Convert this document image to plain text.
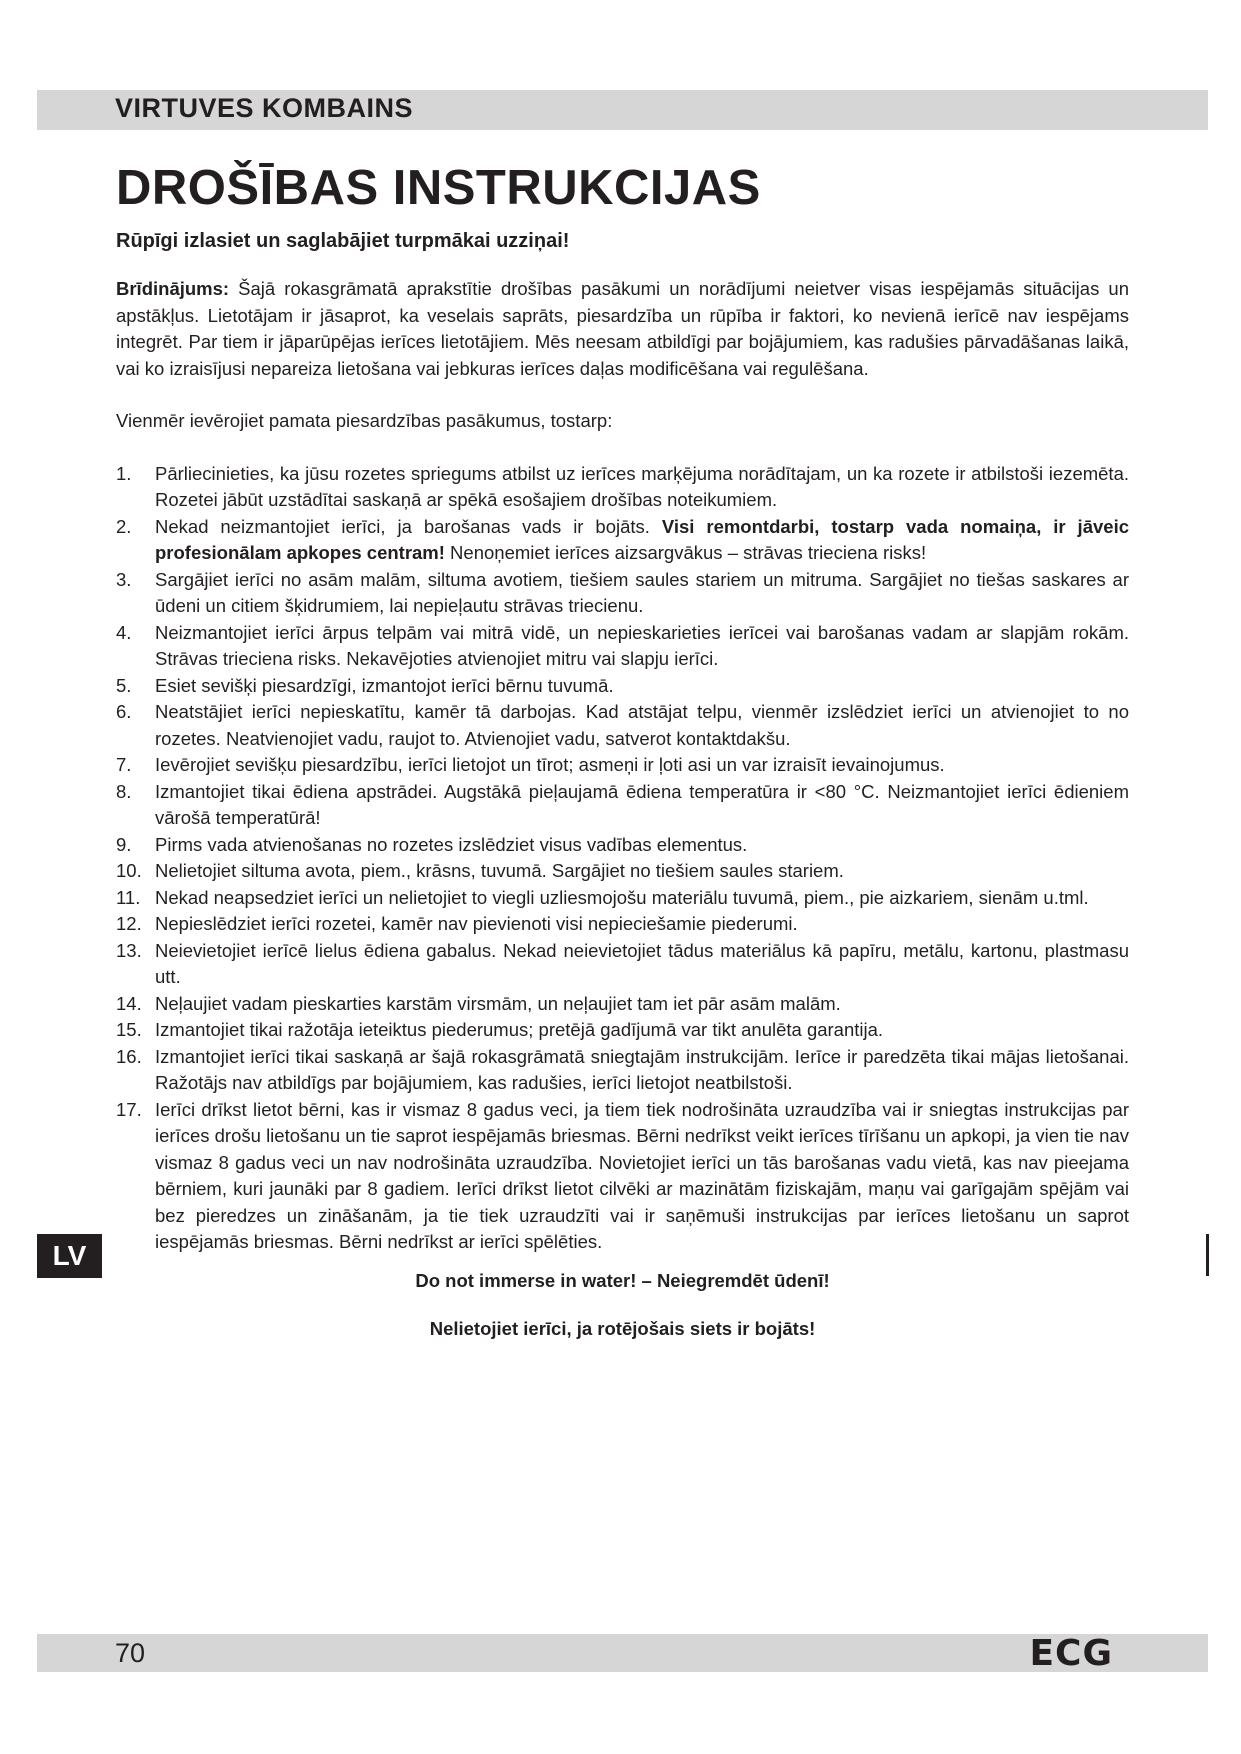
VIRTUVES KOMBAINS
DROŠĪBAS INSTRUKCIJAS

Rūpīgi izlasiet un saglabājiet turpmākai uzziņai!

Brīdinājums: Šajā rokasgrāmatā aprakstītie drošības pasākumi un norādījumi neietver visas iespējamās situācijas un apstākļus. Lietotājam ir jāsaprot, ka veselais saprāts, piesardzība un rūpība ir faktori, ko nevienā ierīcē nav iespējams integrēt. Par tiem ir jāparūpējas ierīces lietotājiem. Mēs neesam atbildīgi par bojājumiem, kas radušies pārvadāšanas laikā, vai ko izraisījusi nepareiza lietošana vai jebkuras ierīces daļas modificēšana vai regulēšana.

Vienmēr ievērojiet pamata piesardzības pasākumus, tostarp:

1. Pārliecinieties, ka jūsu rozetes spriegums atbilst uz ierīces marķējuma norādītajam, un ka rozete ir atbilstoši iezemēta. Rozetei jābūt uzstādītai saskaņā ar spēkā esošajiem drošības noteikumiem.
2. Nekad neizmantojiet ierīci, ja barošanas vads ir bojāts. Visi remontdarbi, tostarp vada nomaiņa, ir jāveic profesionālam apkopes centram! Nenoņemiet ierīces aizsargvākus – strāvas trieciena risks!
3. Sargājiet ierīci no asām malām, siltuma avotiem, tiešiem saules stariem un mitruma. Sargājiet no tiešas saskares ar ūdeni un citiem šķidrumiem, lai nepieļautu strāvas triecienu.
4. Neizmantojiet ierīci ārpus telpām vai mitrā vidē, un nepieskarieties ierīcei vai barošanas vadam ar slapjām rokām. Strāvas trieciena risks. Nekavējoties atvienojiet mitru vai slapju ierīci.
5. Esiet sevišķi piesardzīgi, izmantojot ierīci bērnu tuvumā.
6. Neatstājiet ierīci nepieskatītu, kamēr tā darbojas. Kad atstājat telpu, vienmēr izslēdziet ierīci un atvienojiet to no rozetes. Neatvienojiet vadu, raujot to. Atvienojiet vadu, satverot kontaktdakšu.
7. Ievērojiet sevišķu piesardzību, ierīci lietojot un tīrot; asmeņi ir ļoti asi un var izraisīt ievainojumus.
8. Izmantojiet tikai ēdiena apstrādei. Augstākā pieļaujamā ēdiena temperatūra ir <80 °C. Neizmantojiet ierīci ēdieniem vārošā temperatūrā!
9. Pirms vada atvienošanas no rozetes izslēdziet visus vadības elementus.
10. Nelietojiet siltuma avota, piem., krāsns, tuvumā. Sargājiet no tiešiem saules stariem.
11. Nekad neapsedziet ierīci un nelietojiet to viegli uzliesmojošu materiālu tuvumā, piem., pie aizkariem, sienām u.tml.
12. Nepieslēdziet ierīci rozetei, kamēr nav pievienoti visi nepieciešamie piederumi.
13. Neievietojiet ierīcē lielus ēdiena gabalus. Nekad neievietojiet tādus materiālus kā papīru, metālu, kartonu, plastmasu utt.
14. Neļaujiet vadam pieskarties karstām virsmām, un neļaujiet tam iet pār asām malām.
15. Izmantojiet tikai ražotāja ieteiktus piederumus; pretējā gadījumā var tikt anulēta garantija.
16. Izmantojiet ierīci tikai saskaņā ar šajā rokasgrāmatā sniegtajām instrukcijām. Ierīce ir paredzēta tikai mājas lietošanai. Ražotājs nav atbildīgs par bojājumiem, kas radušies, ierīci lietojot neatbilstoši.
17. Ierīci drīkst lietot bērni, kas ir vismaz 8 gadus veci, ja tiem tiek nodrošināta uzraudzība vai ir sniegtas instrukcijas par ierīces drošu lietošanu un tie saprot iespējamās briesmas. Bērni nedrīkst veikt ierīces tīrīšanu un apkopi, ja vien tie nav vismaz 8 gadus veci un nav nodrošināta uzraudzība. Novietojiet ierīci un tās barošanas vadu vietā, kas nav pieejama bērniem, kuri jaunāki par 8 gadiem. Ierīci drīkst lietot cilvēki ar mazinātām fiziskajām, maņu vai garīgajām spējām vai bez pieredzes un zināšanām, ja tie tiek uzraudzīti vai ir saņēmuši instrukcijas par ierīces lietošanu un saprot iespējamās briesmas. Bērni nedrīkst ar ierīci spēlēties.

Do not immerse in water! – Neiegremdēt ūdenī!

Nelietojiet ierīci, ja rotējošais siets ir bojāts!

LV
70	ECG
